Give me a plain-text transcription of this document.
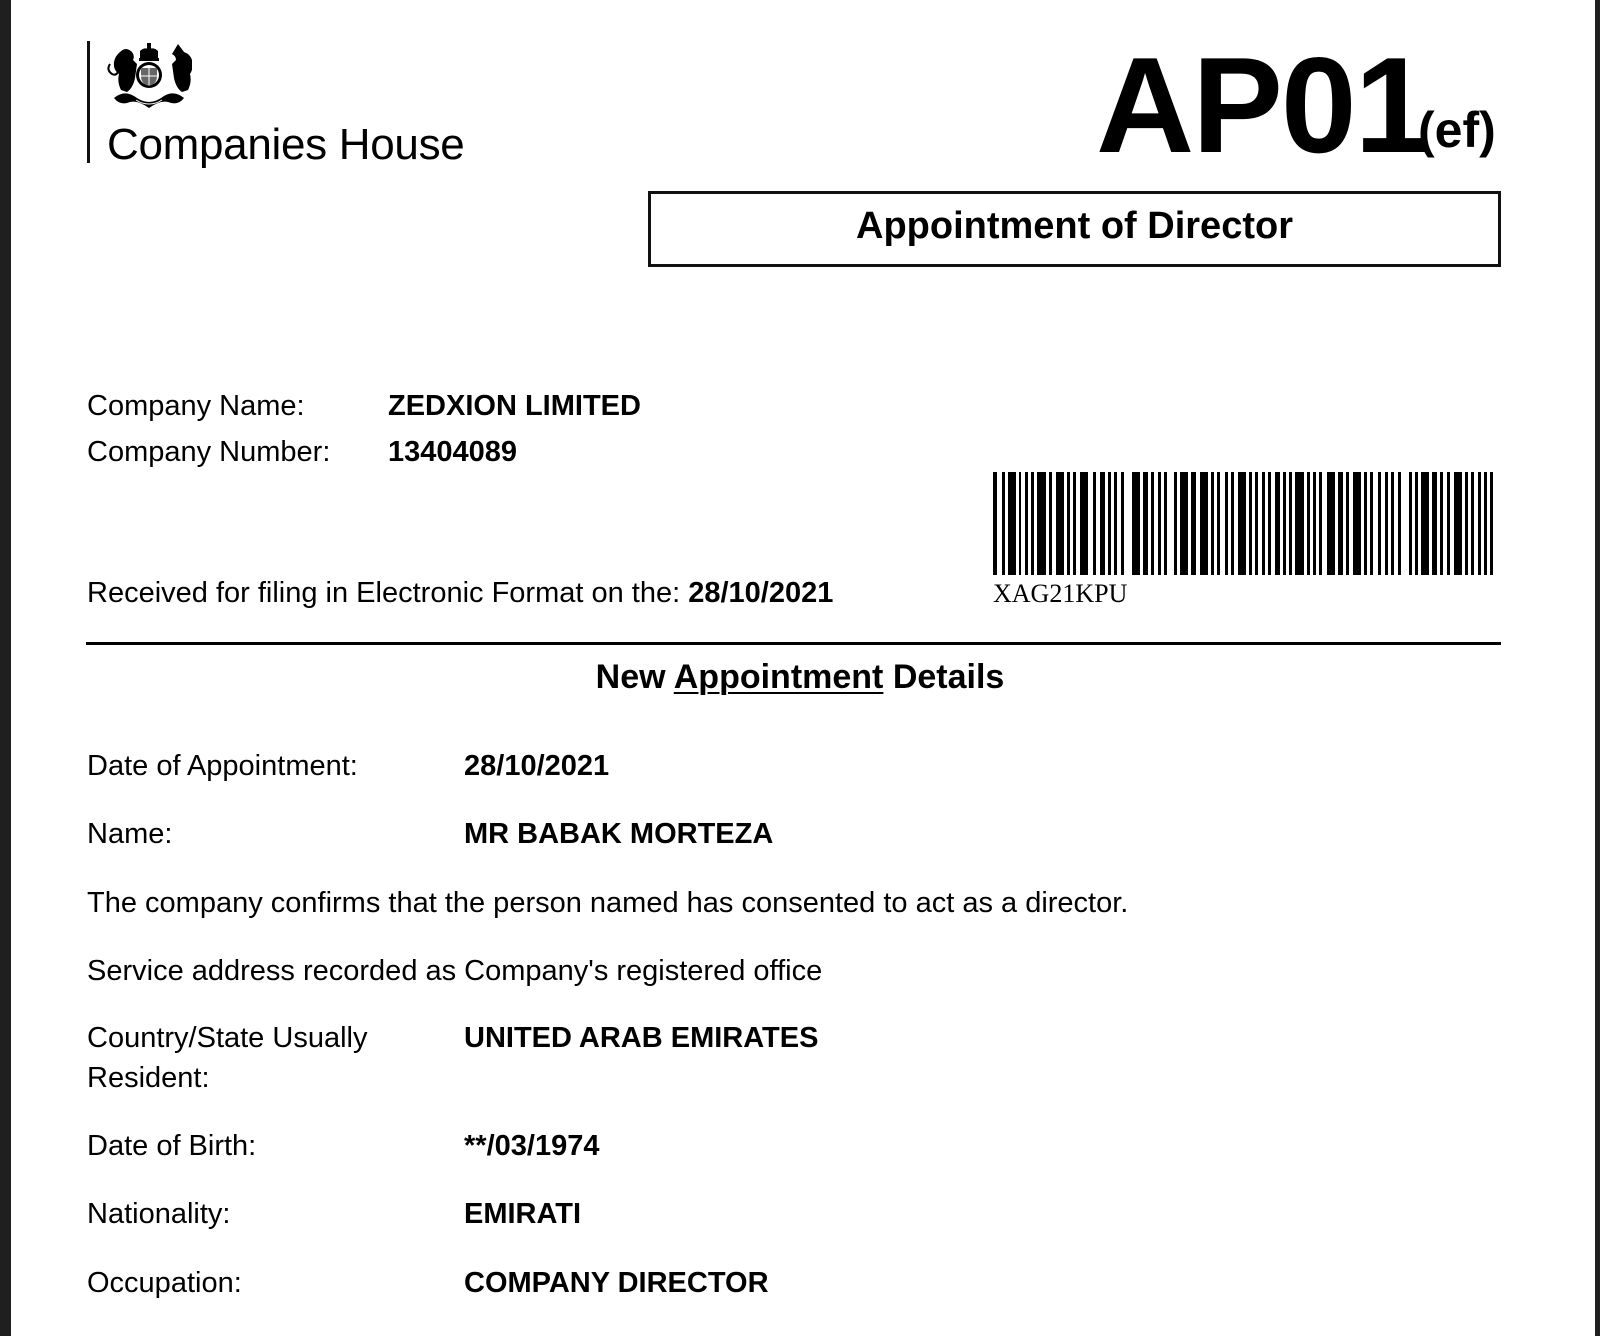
Companies House	AP01
(ef)
Appointment of Director
Company Name:	ZEDXION LIMITED
Company Number: 13404089
XAG21KPU
Received for filing in Electronic Format on the: 28/10/2021
New Appointment Details
Date of Appointment:	28/10/2021
Name:	MR BABAK MORTEZA
The company confirms that the person named has consented to act as a director.
Service address recorded as Company's registered office
Country/State Usually
Resident:
UNITED ARAB EMIRATES
Date of Birth:	**/03/1974
Nationality:	EMIRATI
Occupation:	COMPANY DIRECTOR
